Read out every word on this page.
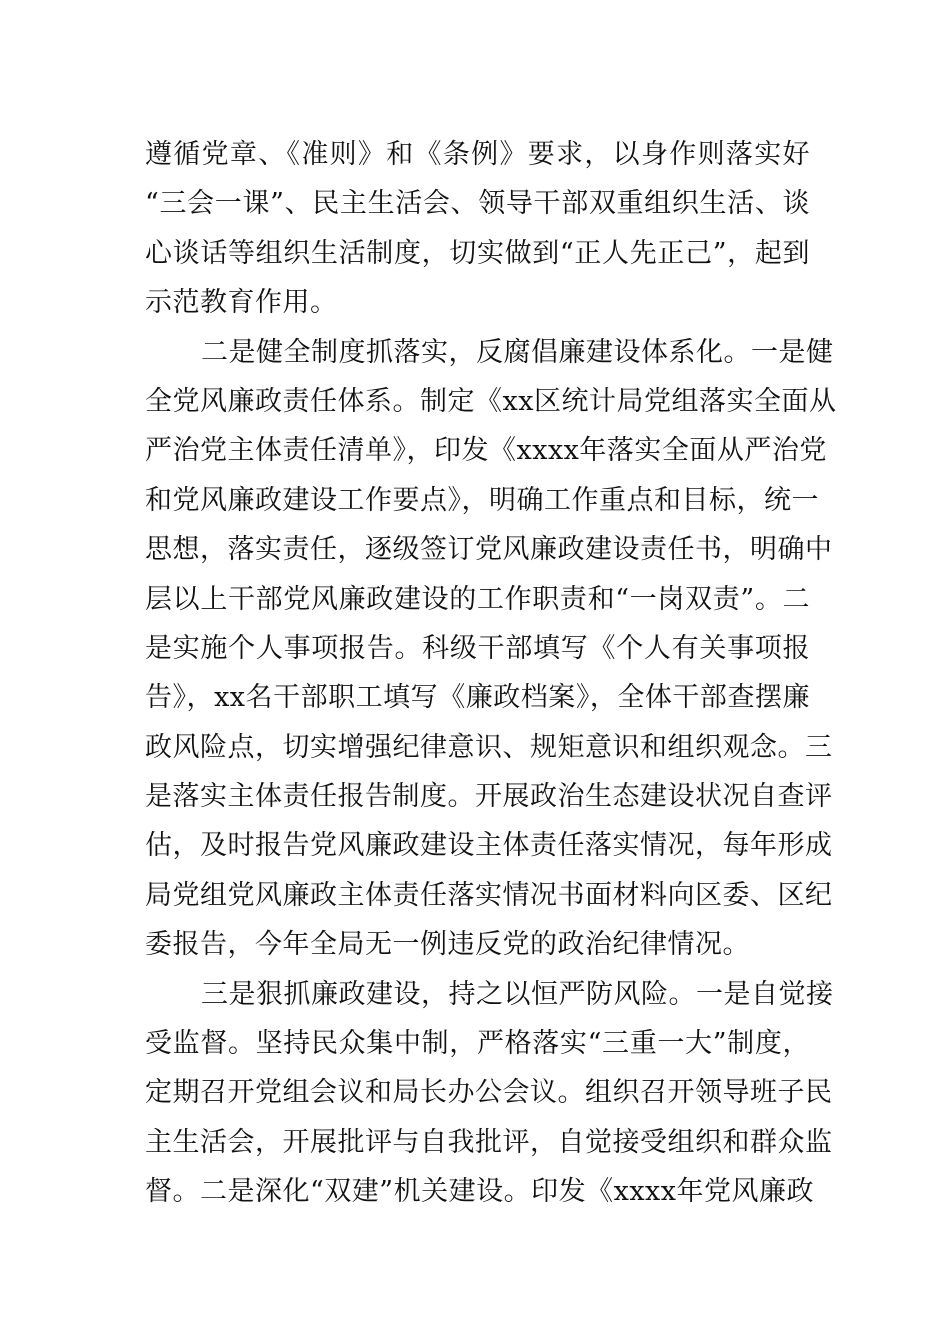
遵循党章、《准则》和《条例》要求，以身作则落实好
“三会一课”、民主生活会、领导干部双重组织生活、谈
心谈话等组织生活制度，切实做到“正人先正己”，起到
示范教育作用。
二是健全制度抓落实，反腐倡廉建设体系化。一是健
全党风廉政责任体系。制定《xx区统计局党组落实全面从
严治党主体责任清单》，印发《xxxx年落实全面从严治党
和党风廉政建设工作要点》，明确工作重点和目标，统一
思想，落实责任，逐级签订党风廉政建设责任书，明确中
层以上干部党风廉政建设的工作职责和“一岗双责”。二
是实施个人事项报告。科级干部填写《个人有关事项报
告》，xx名干部职工填写《廉政档案》，全体干部查摆廉
政风险点，切实增强纪律意识、规矩意识和组织观念。三
是落实主体责任报告制度。开展政治生态建设状况自查评
估，及时报告党风廉政建设主体责任落实情况，每年形成
局党组党风廉政主体责任落实情况书面材料向区委、区纪
委报告，今年全局无一例违反党的政治纪律情况。
三是狠抓廉政建设，持之以恒严防风险。一是自觉接
受监督。坚持民众集中制，严格落实“三重一大”制度，
定期召开党组会议和局长办公会议。组织召开领导班子民
主生活会，开展批评与自我批评，自觉接受组织和群众监
督。二是深化“双建”机关建设。印发《xxxx年党风廉政
